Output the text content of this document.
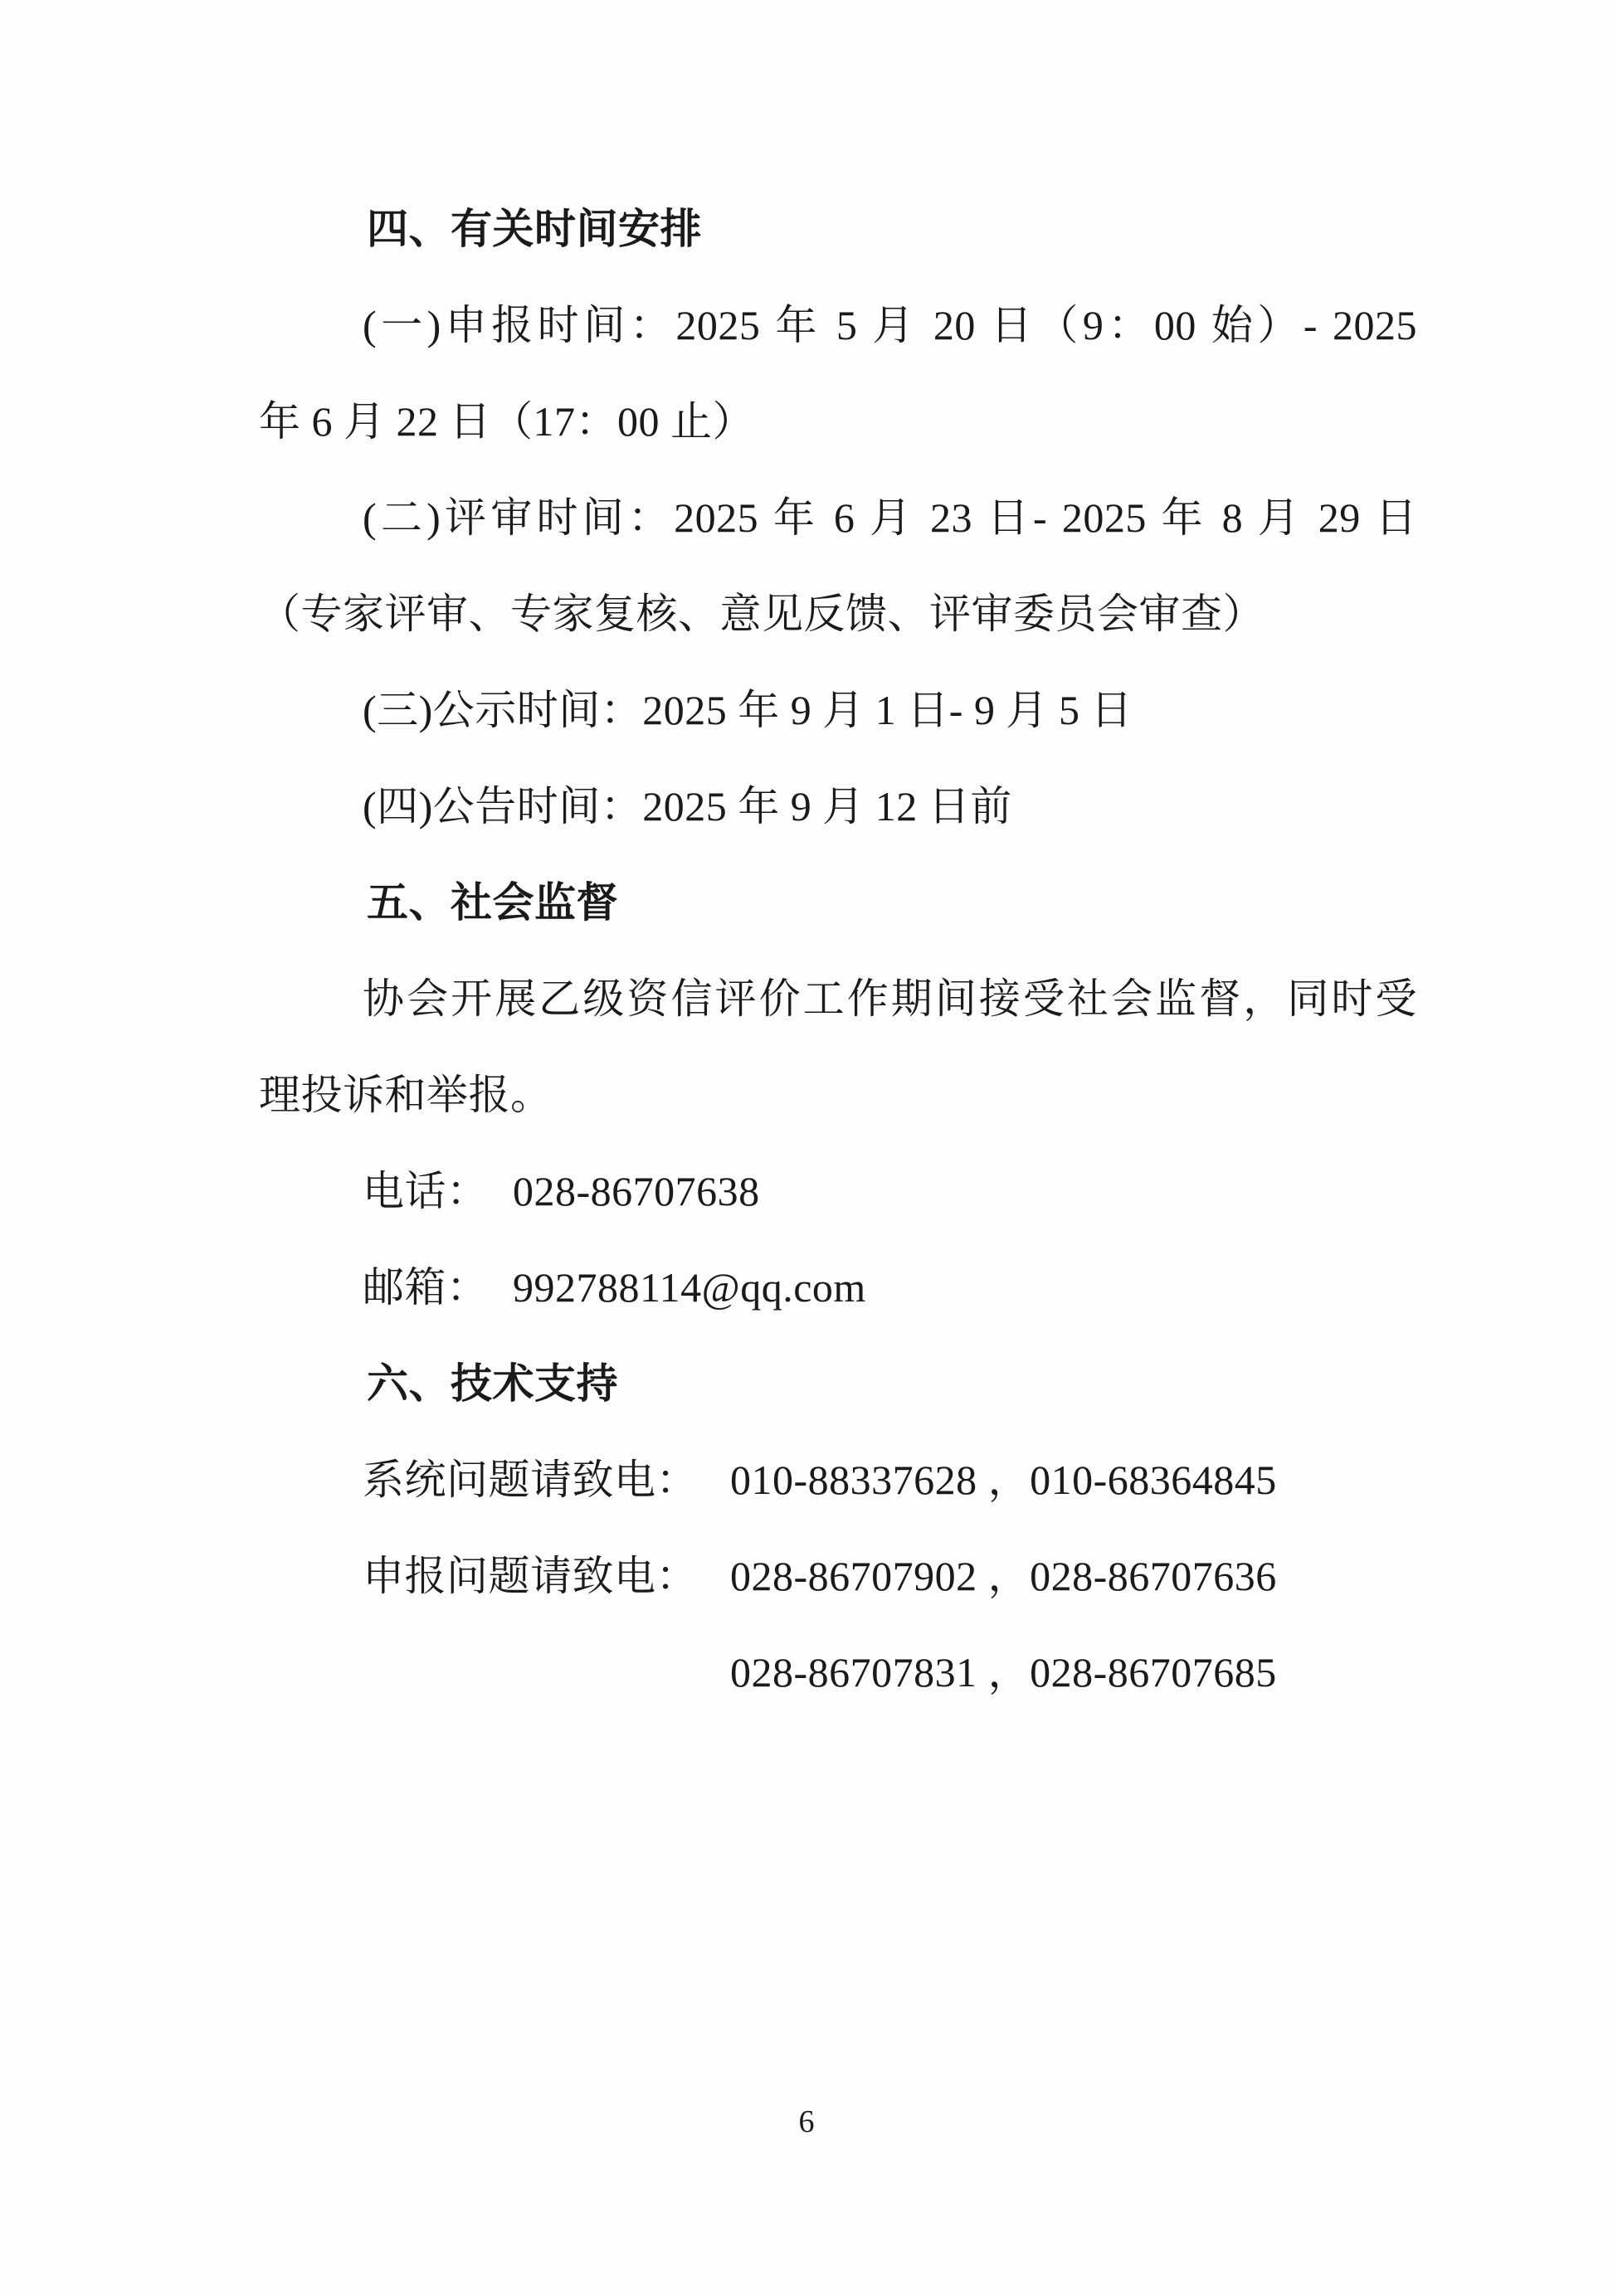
四、有关时间安排
(一)申报时间：2025 年 5 月 20 日（9：00 始）- 2025
年 6 月 22 日（17：00 止）
(二)评审时间：2025 年 6 月 23 日- 2025 年 8 月 29 日
（专家评审、专家复核、意见反馈、评审委员会审查）
(三)公示时间：2025 年 9 月 1 日- 9 月 5 日
(四)公告时间：2025 年 9 月 12 日前
五、社会监督
协会开展乙级资信评价工作期间接受社会监督，同时受
理投诉和举报。
电话： 028-86707638
邮箱： 992788114@qq.com
六、技术支持
系统问题请致电： 010-88337628 ，010-68364845
申报问题请致电： 028-86707902 ，028-86707636
028-86707831 ，028-86707685
6
